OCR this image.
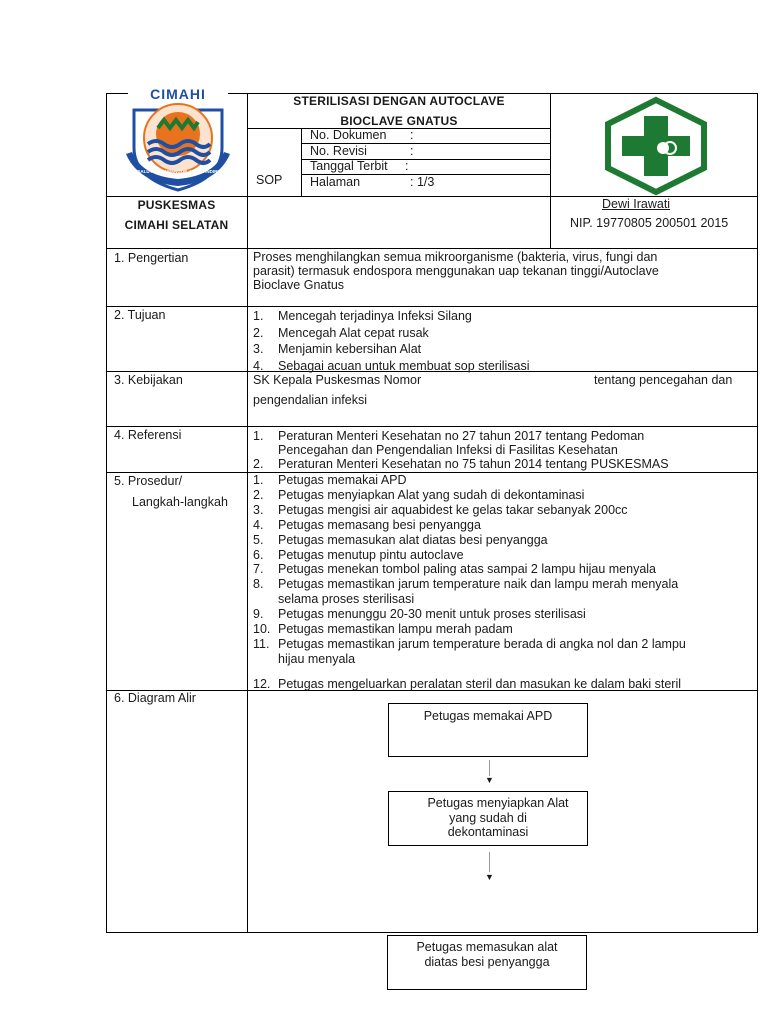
CIMAHI
SALUYU NGAMANGUN JATI MANDIRI
STERILISASI DENGAN AUTOCLAVE
BIOCLAVE GNATUS
SOP
No. Dokumen :
No. Revisi	:
Tanggal Terbit :
Halaman	: 1/3
PUSKESMAS
CIMAHI SELATAN
Dewi Irawati
NIP. 19770805 200501 2015
1. Pengertian	Proses menghilangkan semua mikroorganisme (bakteria, virus, fungi dan
parasit) termasuk endospora menggunakan uap tekanan tinggi/Autoclave
Bioclave Gnatus
2. Tujuan	1.	Mencegah terjadinya Infeksi Silang
2.	Mencegah Alat cepat rusak
3.	Menjamin kebersihan Alat
4.	Sebagai acuan untuk membuat sop sterilisasi
3. Kebijakan	SK Kepala Puskesmas Nomor	tentang pencegahan dan
pengendalian infeksi
4. Referensi	1.	Peraturan Menteri Kesehatan no 27 tahun 2017 tentang Pedoman
Pencegahan dan Pengendalian Infeksi di Fasilitas Kesehatan
2.	Peraturan Menteri Kesehatan no 75 tahun 2014 tentang PUSKESMAS
5. Prosedur/
Langkah-langkah
1.	Petugas memakai APD
2.	Petugas menyiapkan Alat yang sudah di dekontaminasi
3.	Petugas mengisi air aquabidest ke gelas takar sebanyak 200cc
4.	Petugas memasang besi penyangga
5.	Petugas memasukan alat diatas besi penyangga
6.	Petugas menutup pintu autoclave
7.	Petugas menekan tombol paling atas sampai 2 lampu hijau menyala
8.	Petugas memastikan jarum temperature naik dan lampu merah menyala
selama proses sterilisasi
9.	Petugas menunggu 20-30 menit untuk proses sterilisasi
10. Petugas memastikan lampu merah padam
11. Petugas memastikan jarum temperature berada di angka nol dan 2 lampu
hijau menyala
12. Petugas mengeluarkan peralatan steril dan masukan ke dalam baki steril
6. Diagram Alir
Petugas memakai APD
▼
Petugas menyiapkan Alat
yang sudah di
dekontaminasi
▼
Petugas memasukan alat
diatas besi penyangga
